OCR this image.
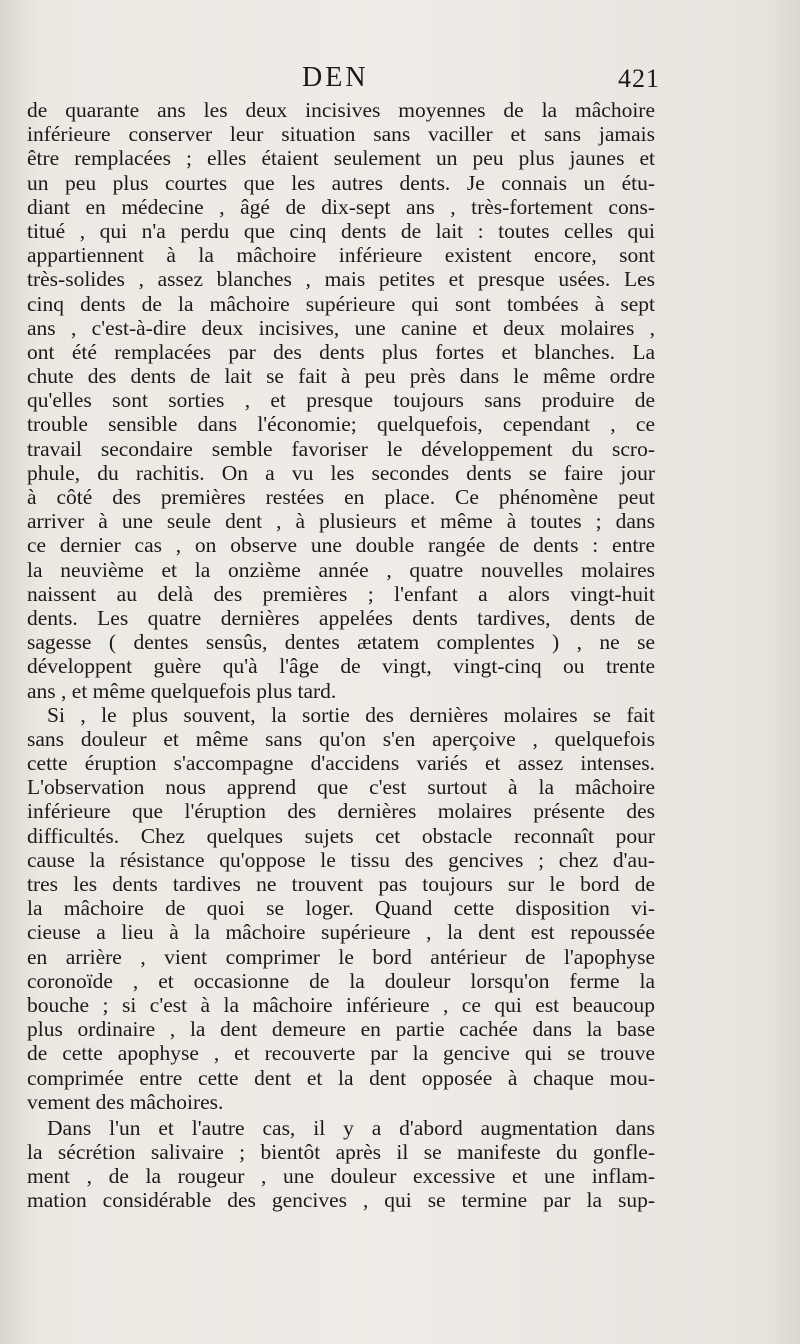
DEN	421
de quarante ans les deux incisives moyennes de la mâchoire
inférieure conserver leur situation sans vaciller et sans jamais
être remplacées ; elles étaient seulement un peu plus jaunes et
un peu plus courtes que les autres dents. Je connais un étu-
diant en médecine , âgé de dix-sept ans , très-fortement cons-
titué , qui n'a perdu que cinq dents de lait : toutes celles qui
appartiennent à la mâchoire inférieure existent encore, sont
très-solides , assez blanches , mais petites et presque usées. Les
cinq dents de la mâchoire supérieure qui sont tombées à sept
ans , c'est-à-dire deux incisives, une canine et deux molaires ,
ont été remplacées par des dents plus fortes et blanches. La
chute des dents de lait se fait à peu près dans le même ordre
qu'elles sont sorties , et presque toujours sans produire de
trouble sensible dans l'économie; quelquefois, cependant , ce
travail secondaire semble favoriser le développement du scro-
phule, du rachitis. On a vu les secondes dents se faire jour
à côté des premières restées en place. Ce phénomène peut
arriver à une seule dent , à plusieurs et même à toutes ; dans
ce dernier cas , on observe une double rangée de dents : entre
la neuvième et la onzième année , quatre nouvelles molaires
naissent au delà des premières ; l'enfant a alors vingt-huit
dents. Les quatre dernières appelées dents tardives, dents de
sagesse ( dentes sensûs, dentes ætatem complentes ) , ne se
développent guère qu'à l'âge de vingt, vingt-cinq ou trente
ans , et même quelquefois plus tard.
Si , le plus souvent, la sortie des dernières molaires se fait
sans douleur et même sans qu'on s'en aperçoive , quelquefois
cette éruption s'accompagne d'accidens variés et assez intenses.
L'observation nous apprend que c'est surtout à la mâchoire
inférieure que l'éruption des dernières molaires présente des
difficultés. Chez quelques sujets cet obstacle reconnaît pour
cause la résistance qu'oppose le tissu des gencives ; chez d'au-
tres les dents tardives ne trouvent pas toujours sur le bord de
la mâchoire de quoi se loger. Quand cette disposition vi-
cieuse a lieu à la mâchoire supérieure , la dent est repoussée
en arrière , vient comprimer le bord antérieur de l'apophyse
coronoïde , et occasionne de la douleur lorsqu'on ferme la
bouche ; si c'est à la mâchoire inférieure , ce qui est beaucoup
plus ordinaire , la dent demeure en partie cachée dans la base
de cette apophyse , et recouverte par la gencive qui se trouve
comprimée entre cette dent et la dent opposée à chaque mou-
vement des mâchoires.
Dans l'un et l'autre cas, il y a d'abord augmentation dans
la sécrétion salivaire ; bientôt après il se manifeste du gonfle-
ment , de la rougeur , une douleur excessive et une inflam-
mation considérable des gencives , qui se termine par la sup-
